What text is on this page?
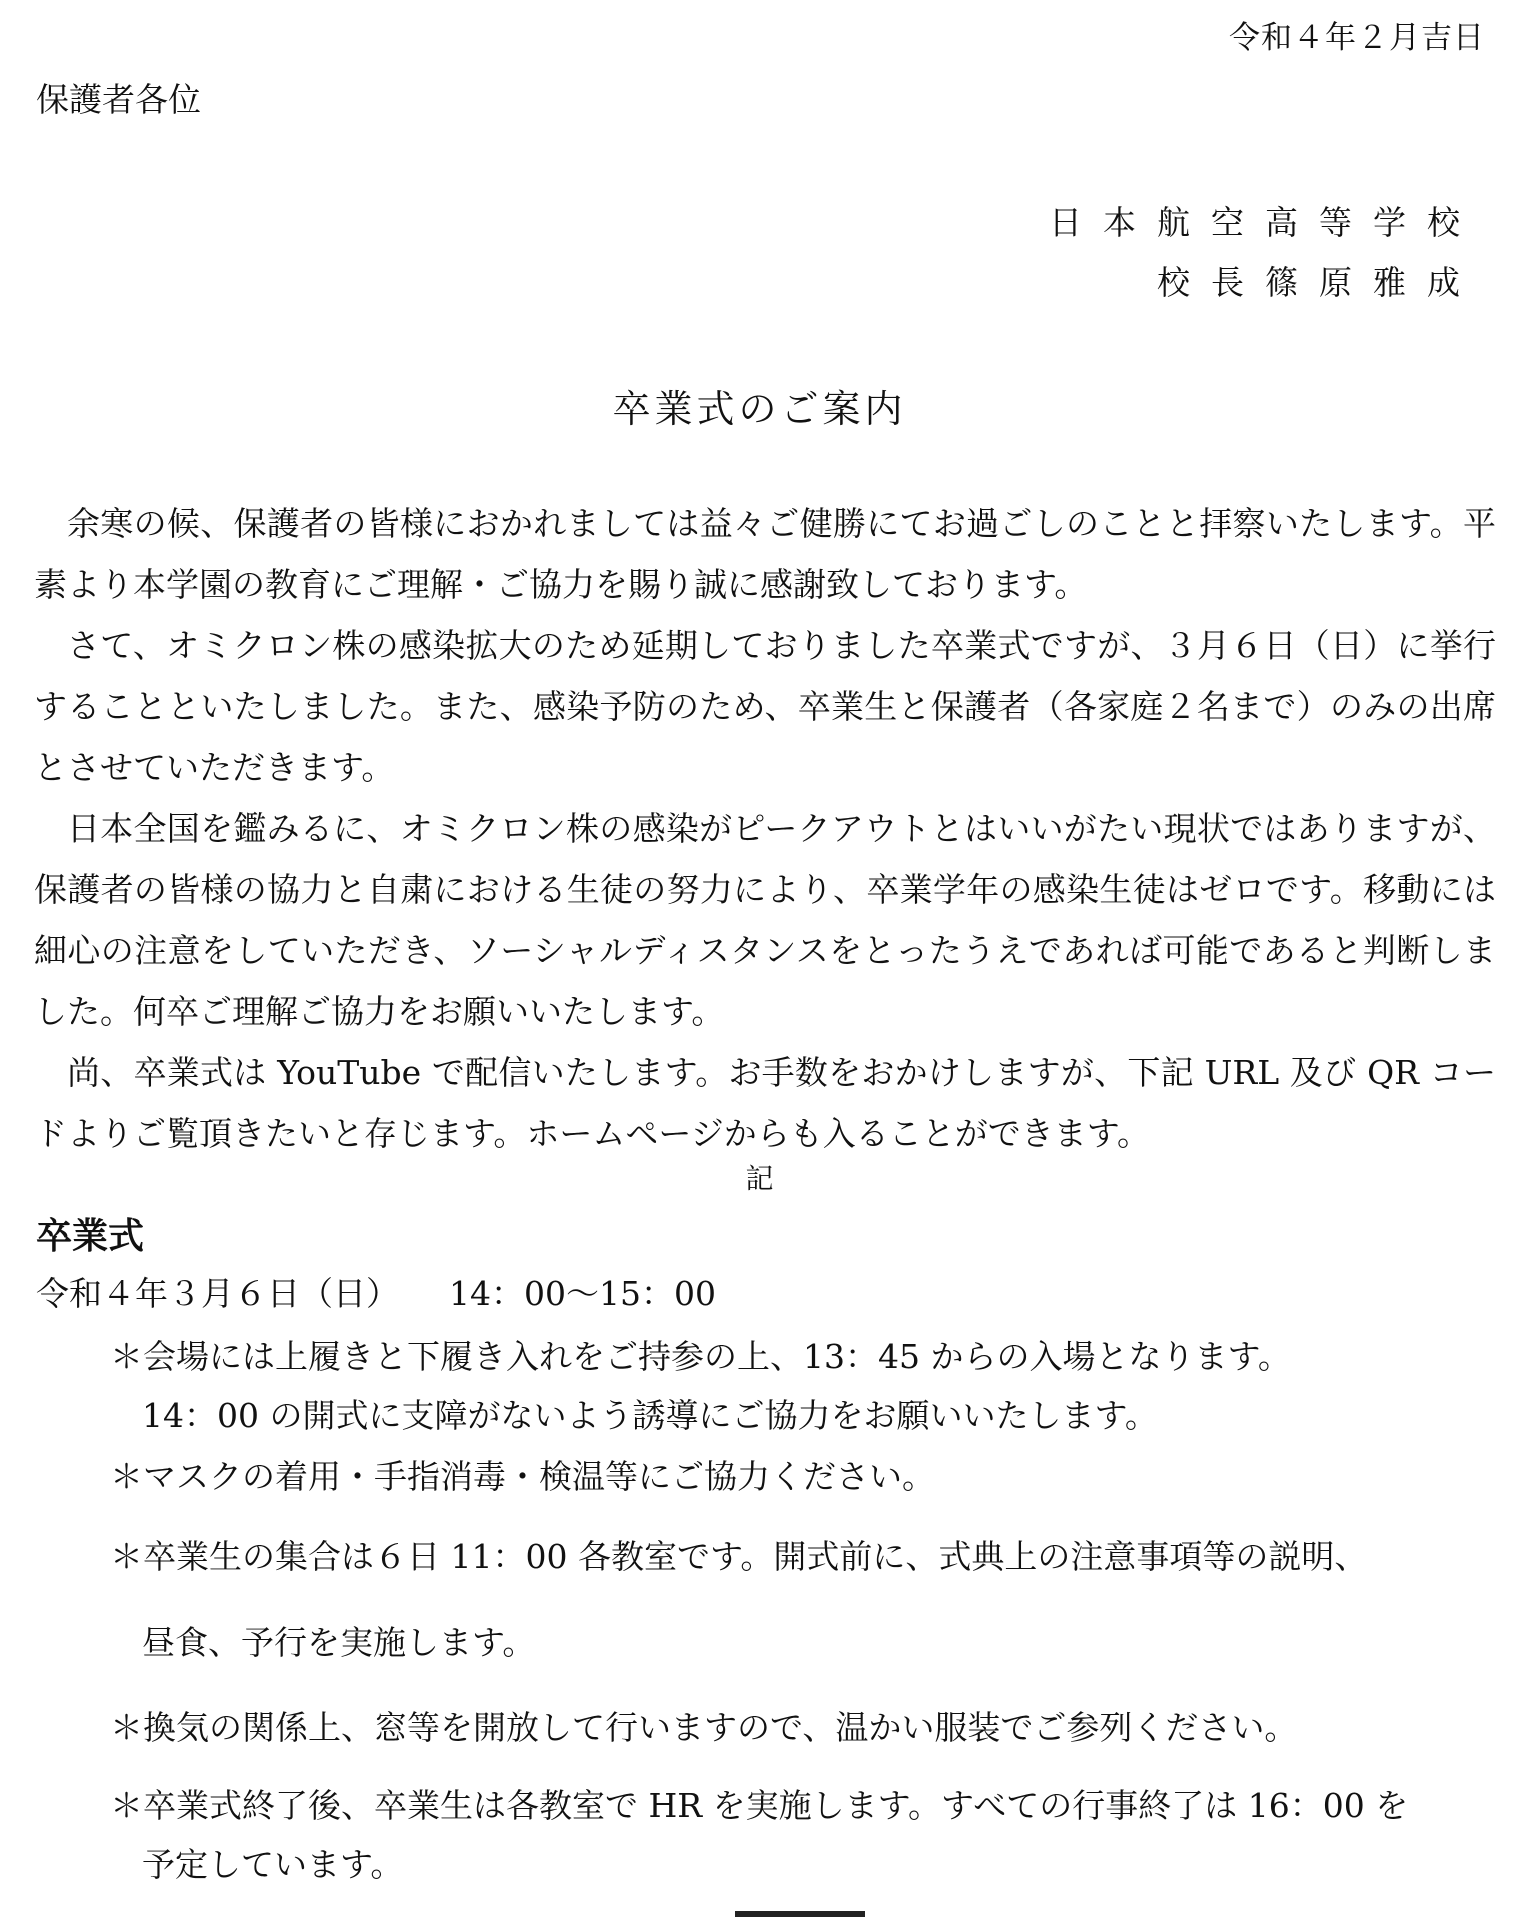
令和４年２月吉日
保護者各位
日本航空高等学校
校長篠原雅成
卒業式のご案内

余寒の候、保護者の皆様におかれましては益々ご健勝にてお過ごしのことと拝察いたします。平素より本学園の教育にご理解・ご協力を賜り誠に感謝致しております。

さて、オミクロン株の感染拡大のため延期しておりました卒業式ですが、３月６日（日）に挙行することといたしました。また、感染予防のため、卒業生と保護者（各家庭２名まで）のみの出席とさせていただきます。

日本全国を鑑みるに、オミクロン株の感染がピークアウトとはいいがたい現状ではありますが、保護者の皆様の協力と自粛における生徒の努力により、卒業学年の感染生徒はゼロです。移動には細心の注意をしていただき、ソーシャルディスタンスをとったうえであれば可能であると判断しました。何卒ご理解ご協力をお願いいたします。

尚、卒業式は YouTube で配信いたします。お手数をおかけしますが、下記 URL 及び QR コードよりご覧頂きたいと存じます。ホームページからも入ることができます。

記
卒業式
令和４年３月６日（日） 14：00～15：00
＊会場には上履きと下履き入れをご持参の上、13：45 からの入場となります。
14：00 の開式に支障がないよう誘導にご協力をお願いいたします。
＊マスクの着用・手指消毒・検温等にご協力ください。
＊卒業生の集合は６日 11：00 各教室です。開式前に、式典上の注意事項等の説明、
昼食、予行を実施します。
＊換気の関係上、窓等を開放して行いますので、温かい服装でご参列ください。
＊卒業式終了後、卒業生は各教室で HR を実施します。すべての行事終了は 16：00 を
予定しています。
